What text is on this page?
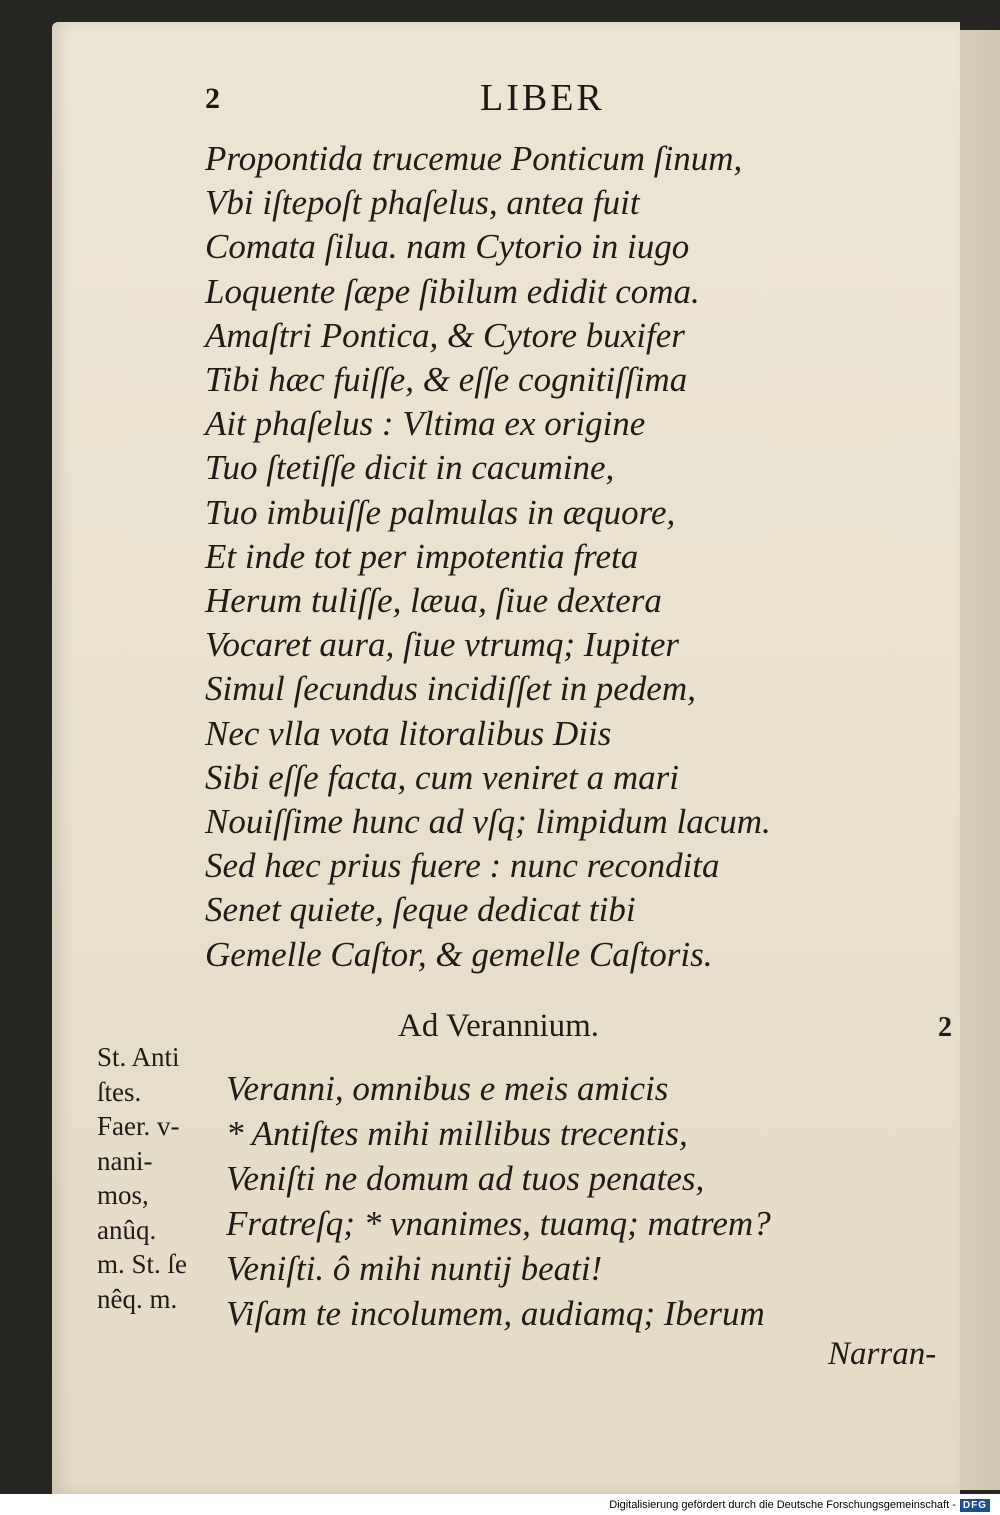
2	LIBER
Propontida trucemue Ponticum ſinum,
Vbi iſtepoſt phaſelus, antea fuit
Comata ſilua. nam Cytorio in iugo
Loquente ſæpe ſibilum edidit coma.
Amaſtri Pontica, & Cytore buxifer
Tibi hæc fuiſſe, & eſſe cognitiſſima
Ait phaſelus : Vltima ex origine
Tuo ſtetiſſe dicit in cacumine,
Tuo imbuiſſe palmulas in æquore,
Et inde tot per impotentia freta
Herum tuliſſe, læua, ſiue dextera
Vocaret aura, ſiue vtrumq; Iupiter
Simul ſecundus incidiſſet in pedem,
Nec vlla vota litoralibus Diis
Sibi eſſe facta, cum veniret a mari
Nouiſſime hunc ad vſq; limpidum lacum.
Sed hæc prius fuere : nunc recondita
Senet quiete, ſeque dedicat tibi
Gemelle Caſtor, & gemelle Caſtoris.
Ad Verannium.	2
St. Anti
ſtes.
Faer. v-
nani-
mos,
anûq.
m. St. ſe
nêq. m.
Veranni, omnibus e meis amicis
* Antiſtes mihi millibus trecentis,
Veniſti ne domum ad tuos penates,
Fratreſq; * vnanimes, tuamq; matrem?
Veniſti. ô mihi nuntij beati!
Viſam te incolumem, audiamq; Iberum
Narran-
Digitalisierung gefördert durch die Deutsche Forschungsgemeinschaft - DFG
